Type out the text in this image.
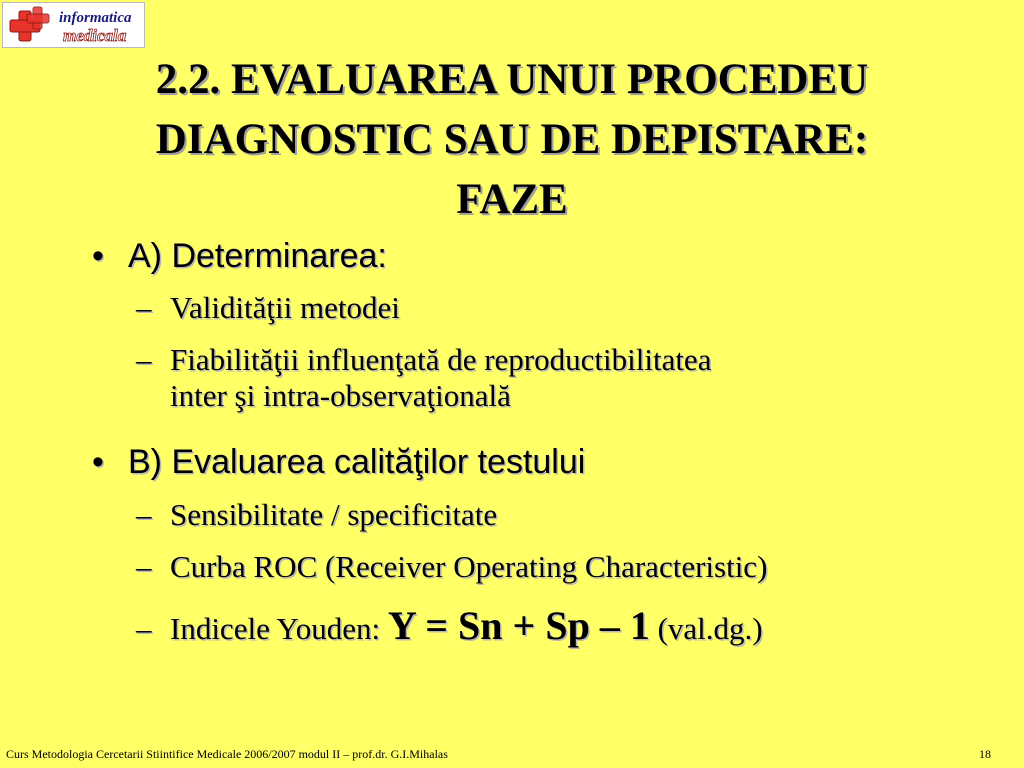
informatica
medicala
2.2. EVALUAREA UNUI PROCEDEU
DIAGNOSTIC SAU DE DEPISTARE:
FAZE
• A) Determinarea:
– Validităţii metodei
– Fiabilităţii influenţată de reproductibilitatea
inter şi intra-observaţională
• B) Evaluarea calităţilor testului
– Sensibilitate / specificitate
– Curba ROC (Receiver Operating Characteristic)
– Indicele Youden: Y = Sn + Sp – 1 (val.dg.)
Curs Metodologia Cercetarii Stiintifice Medicale 2006/2007 modul II – prof.dr. G.I.Mihalas	18
